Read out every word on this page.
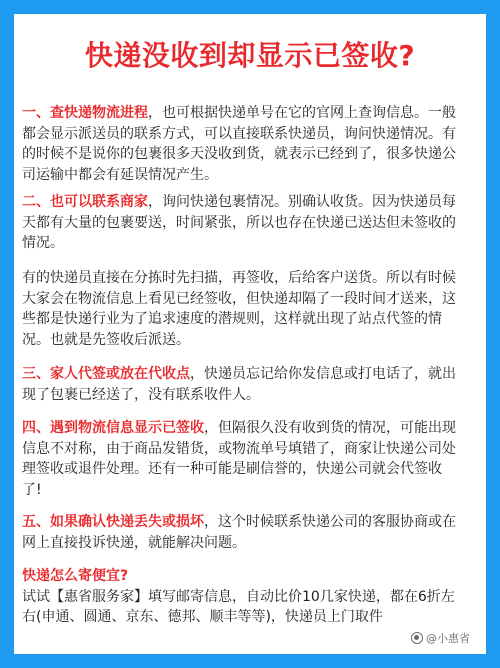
快递没收到却显示已签收?

一、查快递物流进程，也可根据快递单号在它的官网上查询信息。一般都会显示派送员的联系方式，可以直接联系快递员，询问快递情况。有的时候不是说你的包裹很多天没收到货，就表示已经到了，很多快递公司运输中都会有延误情况产生。

二、也可以联系商家，询问快递包裹情况。别确认收货。因为快递员每天都有大量的包裹要送，时间紧张，所以也存在快递已送达但未签收的情况。

有的快递员直接在分拣时先扫描，再签收，后给客户送货。所以有时候大家会在物流信息上看见已经签收，但快递却隔了一段时间才送来，这些都是快递行业为了追求速度的潜规则，这样就出现了站点代签的情况。也就是先签收后派送。

三、家人代签或放在代收点，快递员忘记给你发信息或打电话了，就出现了包裹已经送了，没有联系收件人。

四、遇到物流信息显示已签收，但隔很久没有收到货的情况，可能出现信息不对称，由于商品发错货，或物流单号填错了，商家让快递公司处理签收或退件处理。还有一种可能是刷信誉的，快递公司就会代签收了!

五、如果确认快递丢失或损坏，这个时候联系快递公司的客服协商或在网上直接投诉快递，就能解决问题。

快递怎么寄便宜?
试试【惠省服务家】填写邮寄信息，自动比价10几家快递，都在6折左右(申通、圆通、京东、德邦、顺丰等等)，快递员上门取件

@小惠省
